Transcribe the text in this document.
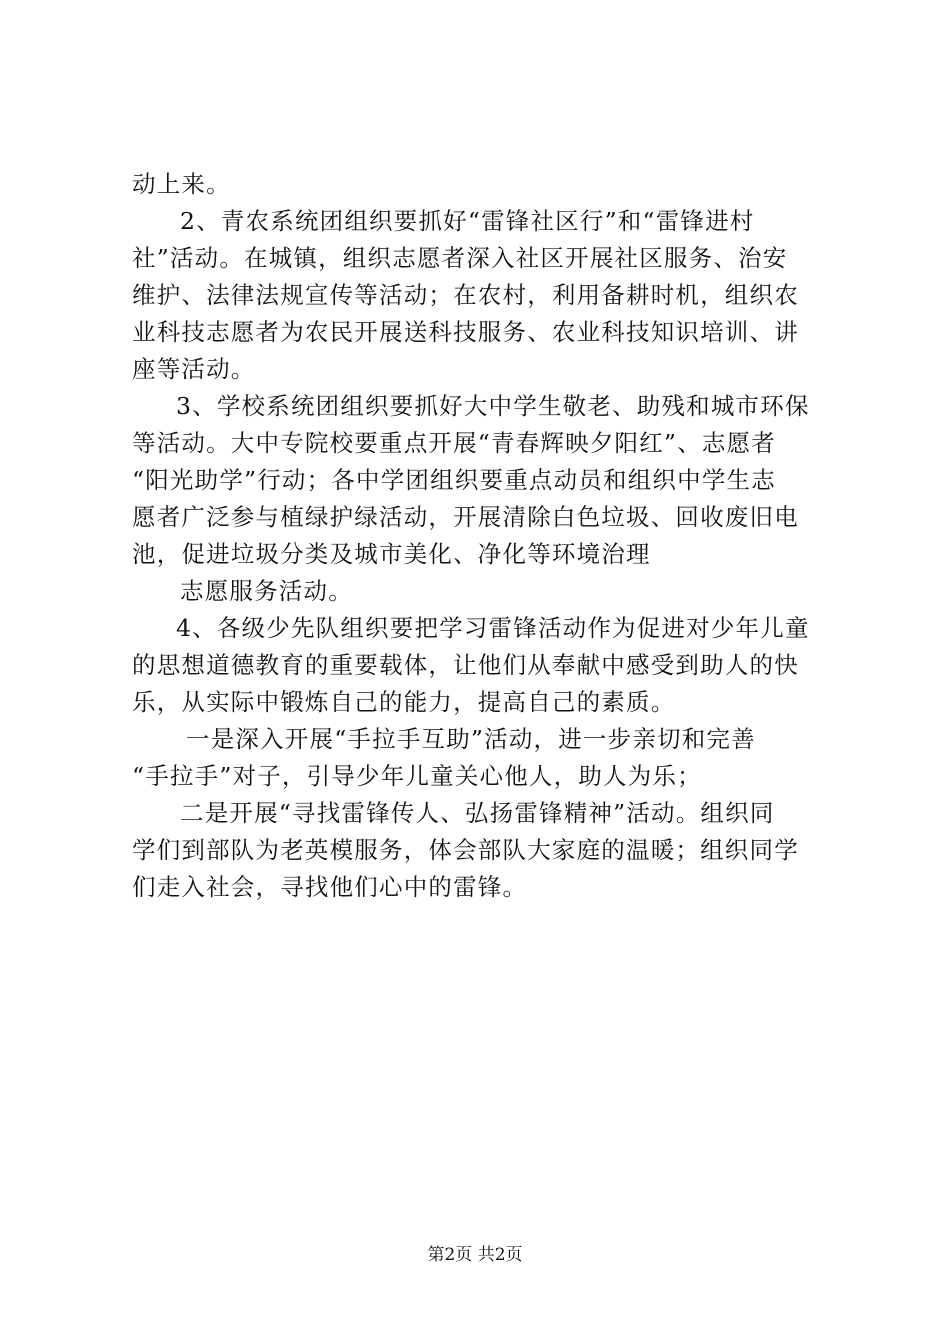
动上来。
2、青农系统团组织要抓好“雷锋社区行”和“雷锋进村
社”活动。在城镇，组织志愿者深入社区开展社区服务、治安
维护、法律法规宣传等活动；在农村，利用备耕时机，组织农
业科技志愿者为农民开展送科技服务、农业科技知识培训、讲
座等活动。
3、学校系统团组织要抓好大中学生敬老、助残和城市环保
等活动。大中专院校要重点开展“青春辉映夕阳红”、志愿者
“阳光助学”行动；各中学团组织要重点动员和组织中学生志
愿者广泛参与植绿护绿活动，开展清除白色垃圾、回收废旧电
池，促进垃圾分类及城市美化、净化等环境治理
志愿服务活动。
4、各级少先队组织要把学习雷锋活动作为促进对少年儿童
的思想道德教育的重要载体，让他们从奉献中感受到助人的快
乐，从实际中锻炼自己的能力，提高自己的素质。
一是深入开展“手拉手互助”活动，进一步亲切和完善
“手拉手”对子，引导少年儿童关心他人，助人为乐；
二是开展“寻找雷锋传人、弘扬雷锋精神”活动。组织同
学们到部队为老英模服务，体会部队大家庭的温暖；组织同学
们走入社会，寻找他们心中的雷锋。
第2页 共2页
